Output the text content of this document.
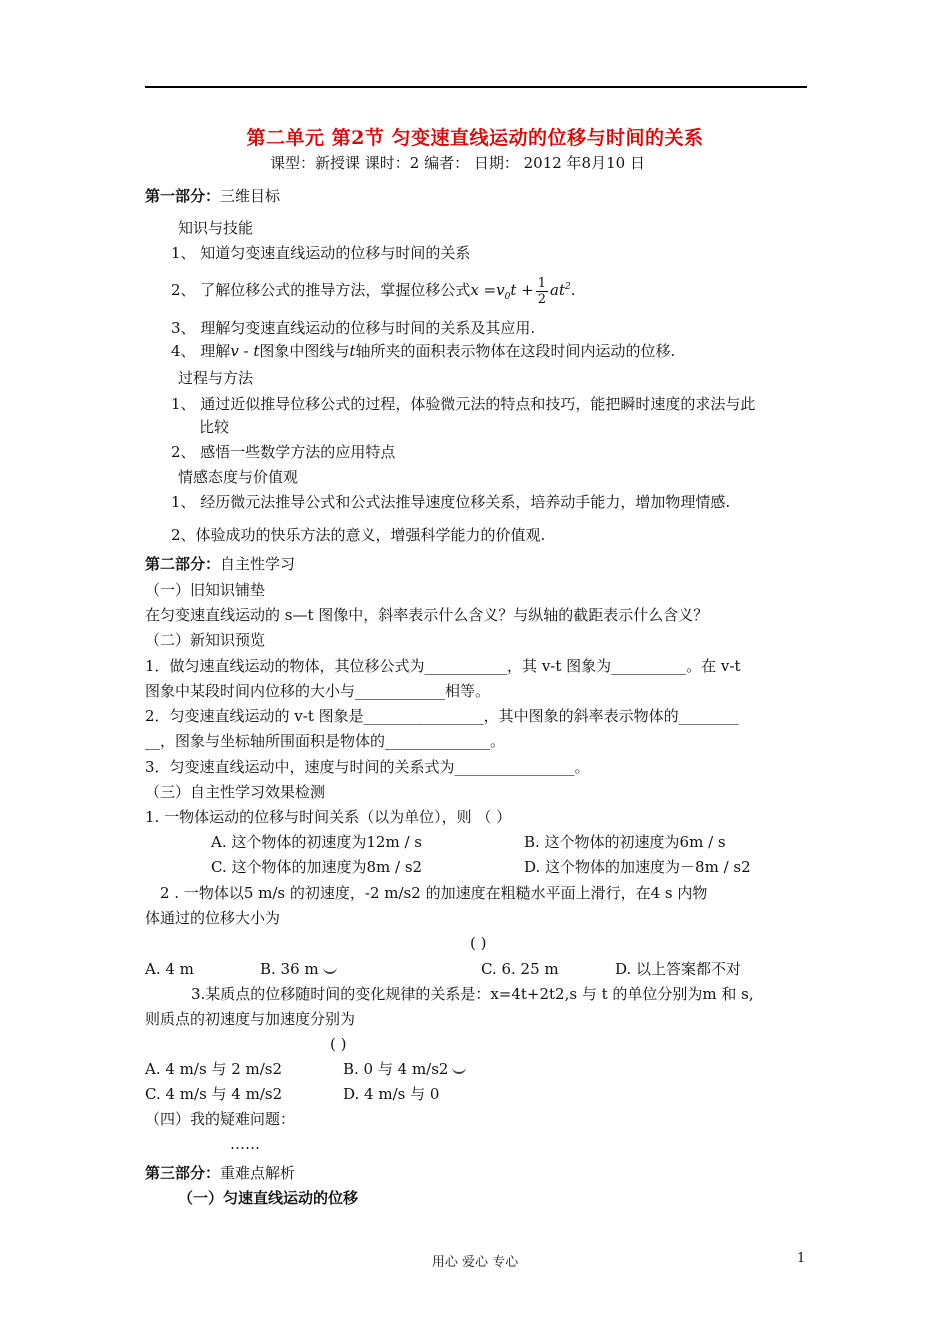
第二单元 第2节 匀变速直线运动的位移与时间的关系
课型：新授课 课时：2 编者： 日期： 2012 年8月10 日
第一部分：三维目标
知识与技能
1、 知道匀变速直线运动的位移与时间的关系
2、 了解位移公式的推导方法，掌握位移公式$x =v_0t + \frac{1}{2} at^2$.
3、 理解匀变速直线运动的位移与时间的关系及其应用.
4、 理解v - t图象中图线与t轴所夹的面积表示物体在这段时间内运动的位移.
过程与方法
1、 通过近似推导位移公式的过程，体验微元法的特点和技巧，能把瞬时速度的求法与此
比较
2、 感悟一些数学方法的应用特点
情感态度与价值观
1、 经历微元法推导公式和公式法推导速度位移关系，培养动手能力，增加物理情感.
2、体验成功的快乐方法的意义，增强科学能力的价值观.
第二部分：自主性学习
（一）旧知识铺垫
在匀变速直线运动的 s—t 图像中，斜率表示什么含义？与纵轴的截距表示什么含义？
（二）新知识预览
1．做匀速直线运动的物体，其位移公式为___________，其 v-t 图象为__________。在 v-t
图象中某段时间内位移的大小与____________相等。
2．匀变速直线运动的 v-t 图象是________________，其中图象的斜率表示物体的________
__，图象与坐标轴所围面积是物体的______________。
3．匀变速直线运动中，速度与时间的关系式为________________。
（三）自主性学习效果检测
1. 一物体运动的位移与时间关系（以为单位），则 （ ）
A. 这个物体的初速度为12m / s	B. 这个物体的初速度为6m / s
C. 这个物体的加速度为8m / s2	D. 这个物体的加速度为－8m / s2
2 . 一物体以5 m/s 的初速度，-2 m/s2 的加速度在粗糙水平面上滑行，在4 s 内物
体通过的位移大小为
( )
A. 4 m	B. 36 m	C. 6. 25 m	D. 以上答案都不对
3.某质点的位移随时间的变化规律的关系是：x=4t+2t2,s 与 t 的单位分别为m 和 s,
则质点的初速度与加速度分别为
( )
A. 4 m/s 与 2 m/s2	B. 0 与 4 m/s2
C. 4 m/s 与 4 m/s2	D. 4 m/s 与 0
（四）我的疑难问题：
……
第三部分：重难点解析
（一）匀速直线运动的位移
用心 爱心 专心	1
